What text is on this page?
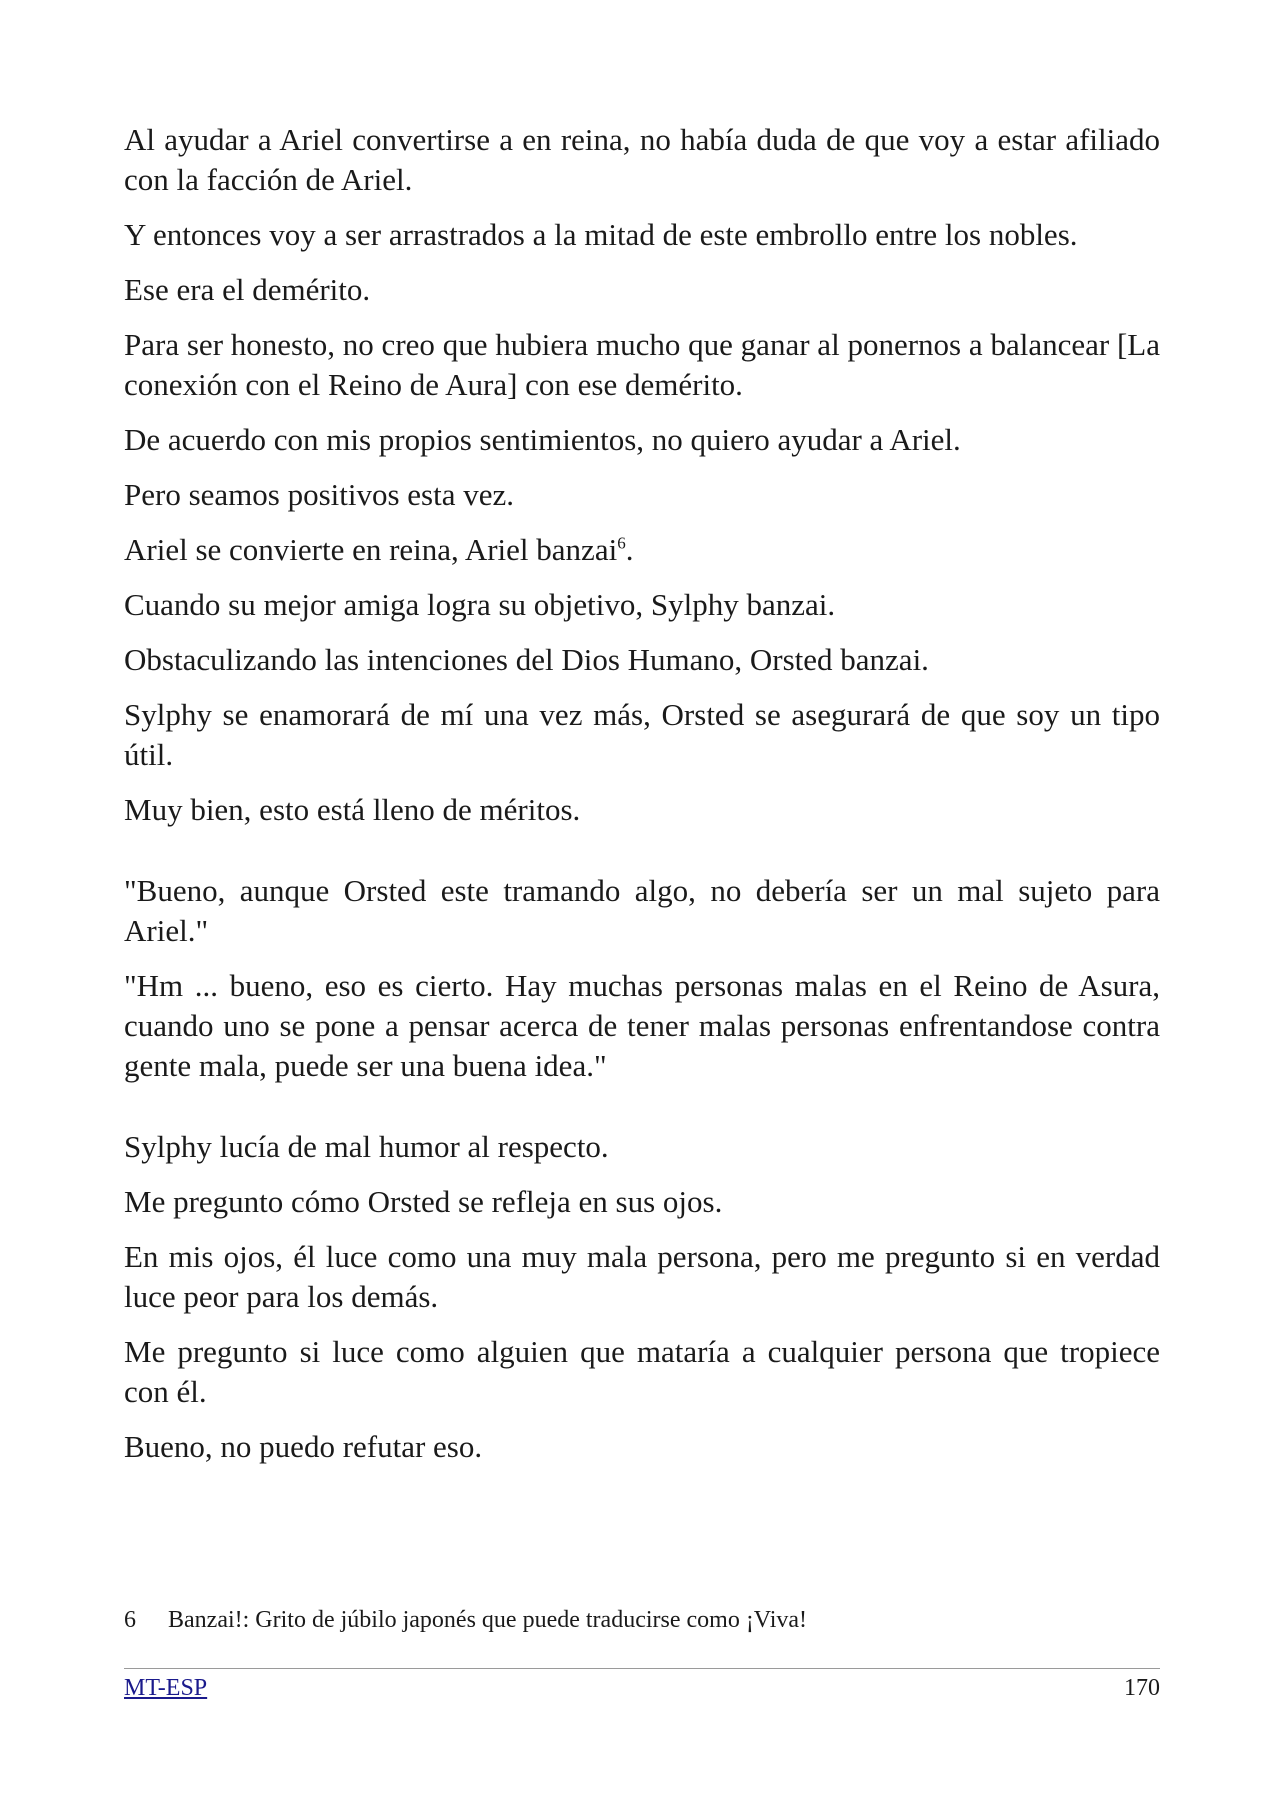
Al ayudar a Ariel convertirse a en reina, no había duda de que voy a estar afiliado con la facción de Ariel.

Y entonces voy a ser arrastrados a la mitad de este embrollo entre los nobles.

Ese era el demérito.

Para ser honesto, no creo que hubiera mucho que ganar al ponernos a balancear [La conexión con el Reino de Aura] con ese demérito.

De acuerdo con mis propios sentimientos, no quiero ayudar a Ariel.

Pero seamos positivos esta vez.

Ariel se convierte en reina, Ariel banzai$^6$.

Cuando su mejor amiga logra su objetivo, Sylphy banzai.

Obstaculizando las intenciones del Dios Humano, Orsted banzai.

Sylphy se enamorará de mí una vez más, Orsted se asegurará de que soy un tipo útil.

Muy bien, esto está lleno de méritos.

"Bueno, aunque Orsted este tramando algo, no debería ser un mal sujeto para Ariel."

"Hm ... bueno, eso es cierto. Hay muchas personas malas en el Reino de Asura, cuando uno se pone a pensar acerca de tener malas personas enfrentandose contra gente mala, puede ser una buena idea."

Sylphy lucía de mal humor al respecto.

Me pregunto cómo Orsted se refleja en sus ojos.

En mis ojos, él luce como una muy mala persona, pero me pregunto si en verdad luce peor para los demás.

Me pregunto si luce como alguien que mataría a cualquier persona que tropiece con él.

Bueno, no puedo refutar eso.

6 Banzai!: Grito de júbilo japonés que puede traducirse como ¡Viva!
MT-ESP	170
